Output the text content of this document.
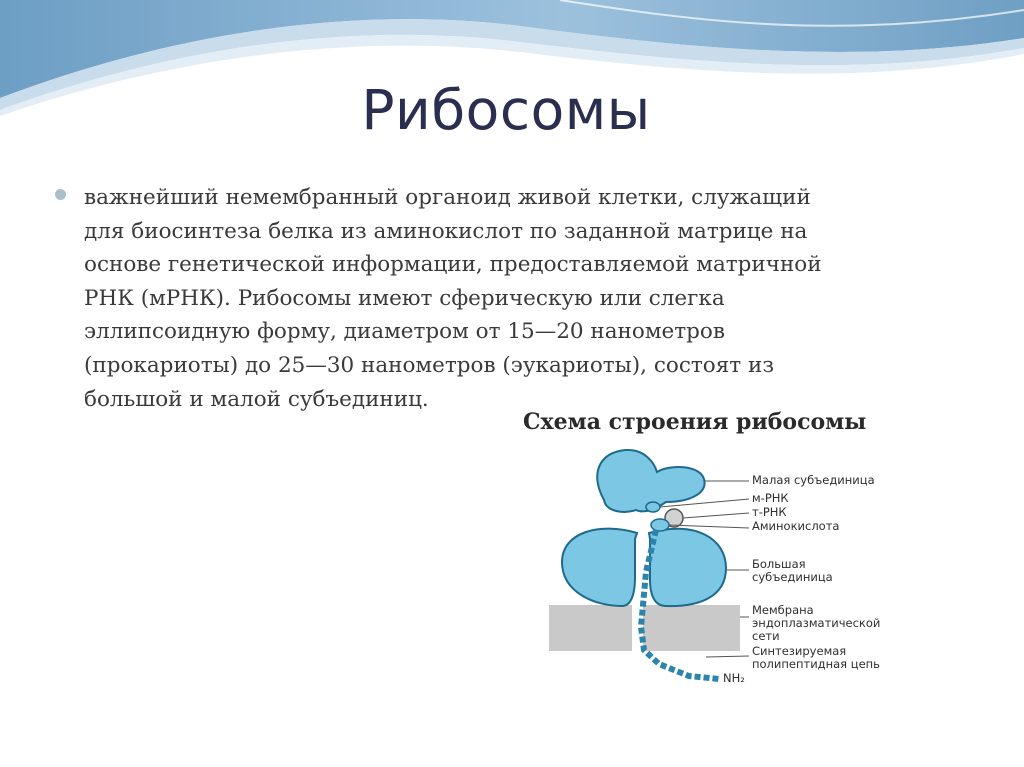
Рибосомы
важнейший немембранный органоид живой клетки, служащий
для биосинтеза белка из аминокислот по заданной матрице на
основе генетической информации, предоставляемой матричной
РНК (мРНК). Рибосомы имеют сферическую или слегка
эллипсоидную форму, диаметром от 15—20 нанометров
(прокариоты) до 25—30 нанометров (эукариоты), состоят из
большой и малой субъединиц.
Схема строения рибосомы
Малая субъединица
м-РНК
т-РНК
Аминокислота
Большая
субъединица
Мембрана
эндоплазматической
сети
Синтезируемая
полипептидная цепь
NH₂
